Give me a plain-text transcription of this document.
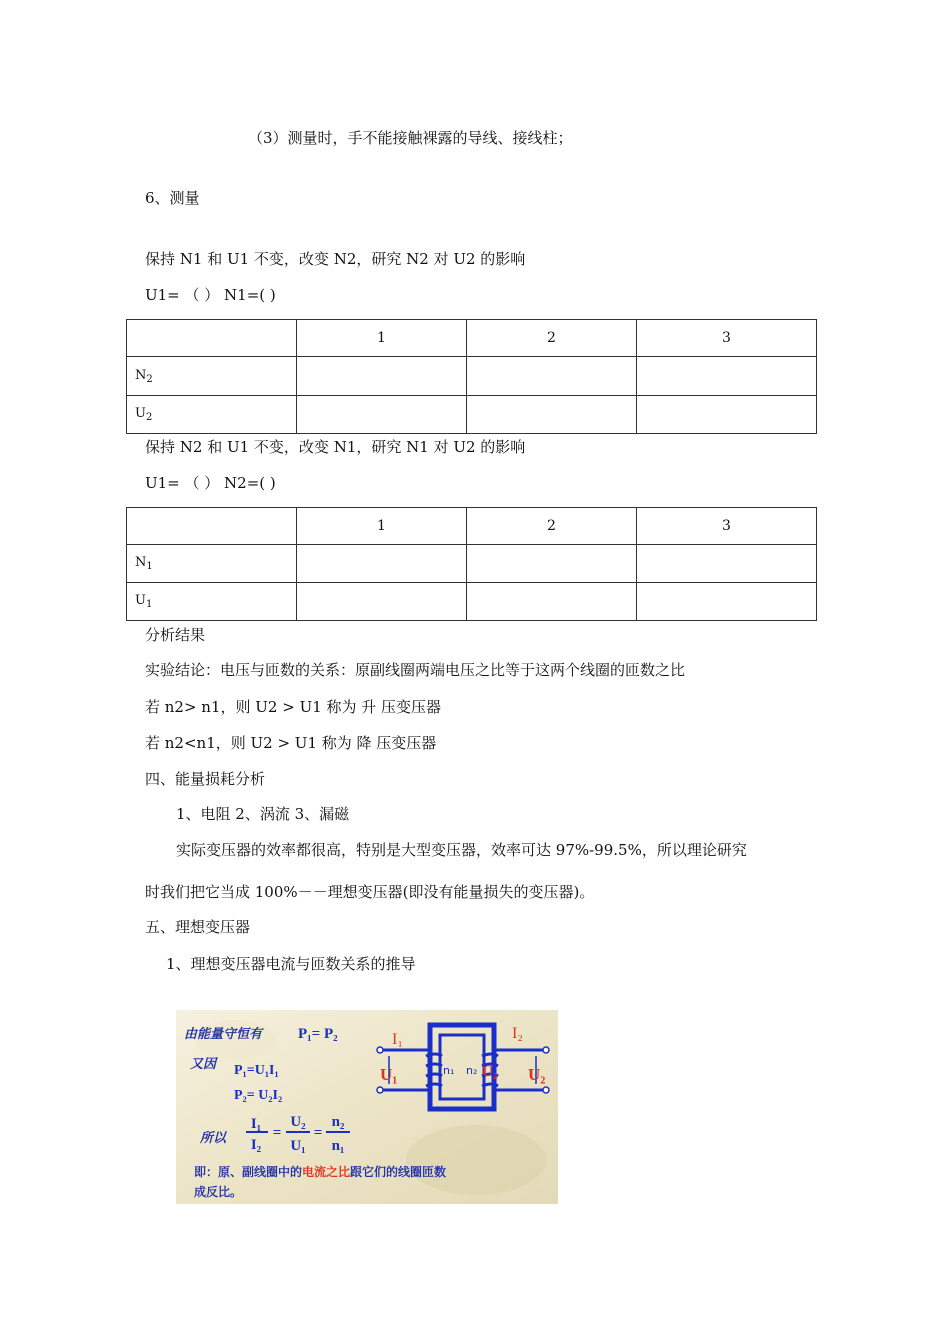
（3）测量时，手不能接触裸露的导线、接线柱；
6、测量
保持 N1 和 U1 不变，改变 N2，研究 N2 对 U2 的影响
U1= （ ） N1=( )
	1	2	3
$N_2$			
$U_2$			
保持 N2 和 U1 不变，改变 N1，研究 N1 对 U2 的影响
U1= （ ） N2=( )
	1	2	3
$N_1$			
$U_1$			
分析结果
实验结论：电压与匝数的关系：原副线圈两端电压之比等于这两个线圈的匝数之比
若 n2> n1，则 U2 > U1 称为 升 压变压器
若 n2<n1，则 U2 > U1 称为 降 压变压器
四、能量损耗分析
1、电阻 2、涡流 3、漏磁
实际变压器的效率都很高，特别是大型变压器，效率可达 97%-99.5%，所以理论研究
时我们把它当成 100%－－理想变压器(即没有能量损失的变压器)。
五、理想变压器
1、理想变压器电流与匝数关系的推导
由能量守恒有 P₁= P₂
又因 P₁=U₁I₁
P₂= U₂I₂
所以
I₁
I₂
=
U₂
U₁
=
n₂
n₁
即：原、副线圈中的电流之比跟它们的线圈匝数
成反比。
I₁	I₂
U₁	U₂
U₂
n₁ n₂
